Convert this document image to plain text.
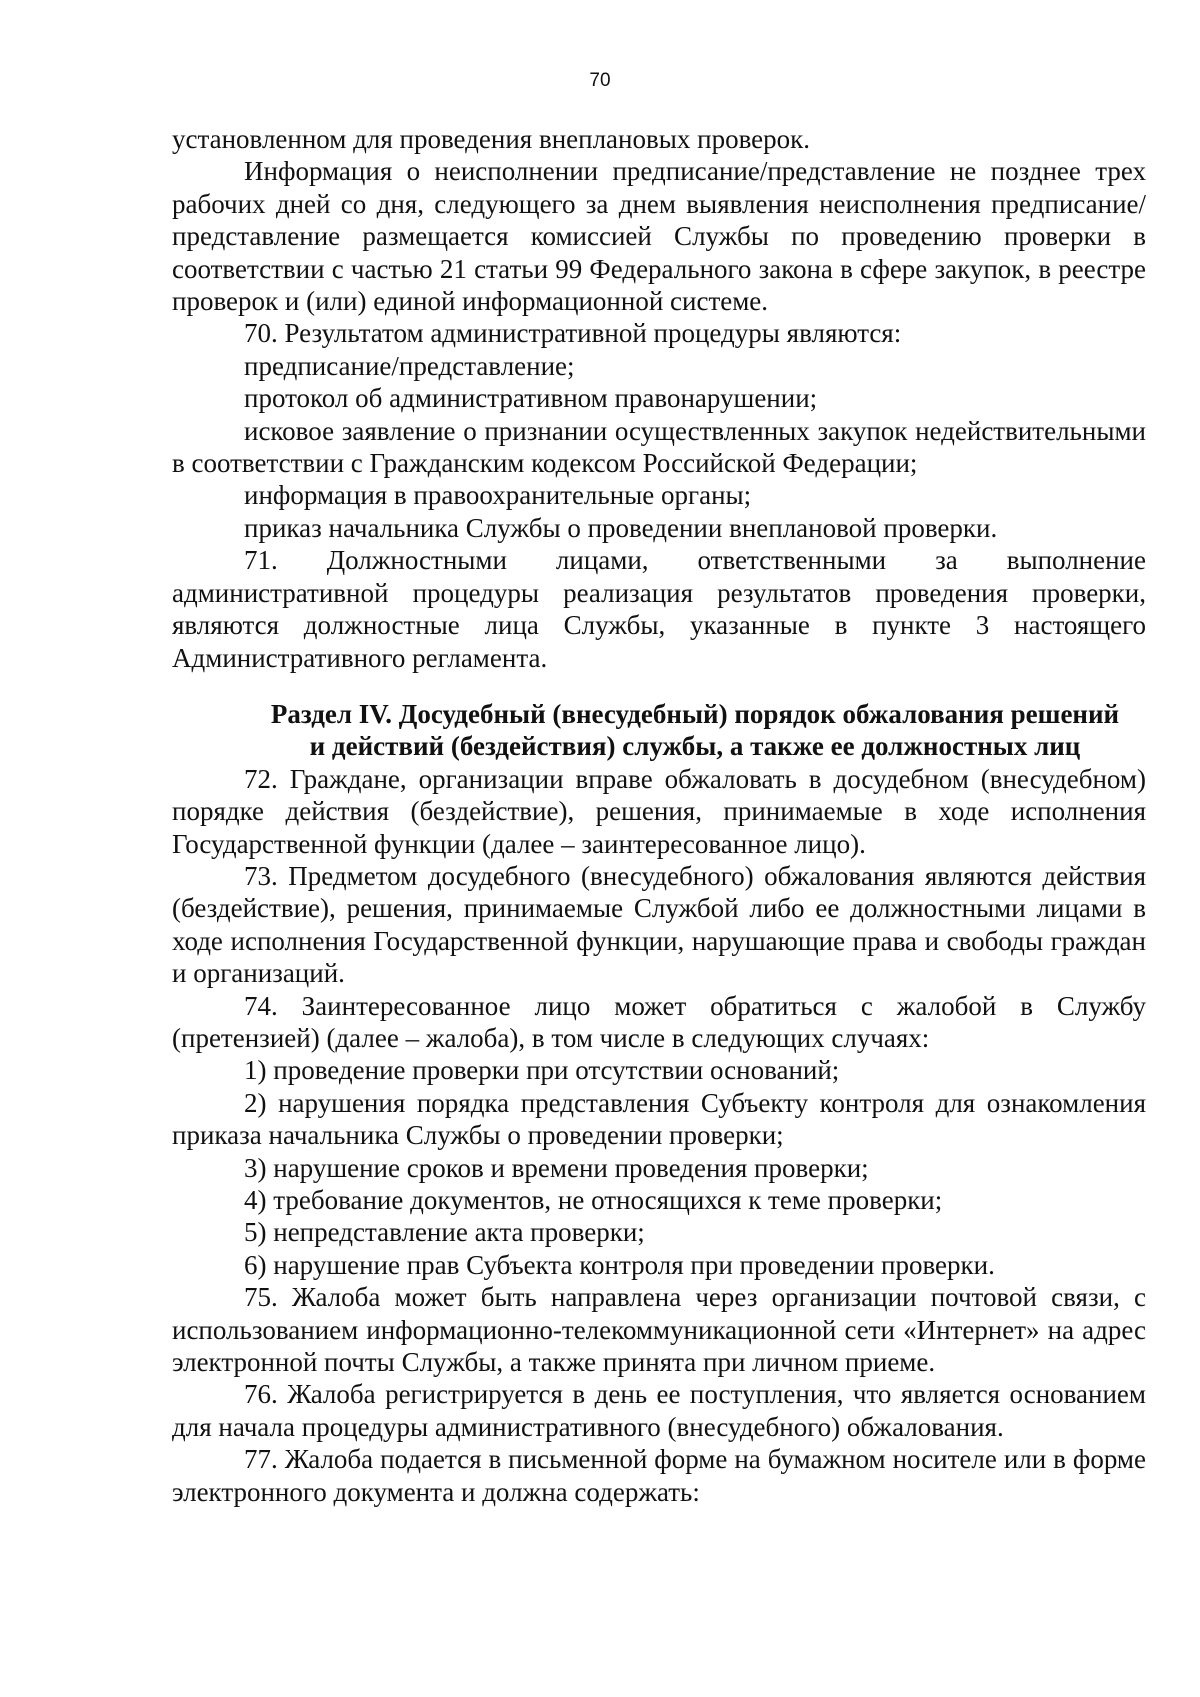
70

установленном для проведения внеплановых проверок.

Информация о неисполнении предписание/представление не позднее трех рабочих дней со дня, следующего за днем выявления неисполнения предписание/представление размещается комиссией Службы по проведению проверки в соответствии с частью 21 статьи 99 Федерального закона в сфере закупок, в реестре проверок и (или) единой информационной системе.

70. Результатом административной процедуры являются:

предписание/представление;

протокол об административном правонарушении;

исковое заявление о признании осуществленных закупок недействительными в соответствии с Гражданским кодексом Российской Федерации;

информация в правоохранительные органы;

приказ начальника Службы о проведении внеплановой проверки.

71. Должностными лицами, ответственными за выполнение административной процедуры реализация результатов проведения проверки, являются должностные лица Службы, указанные в пункте 3 настоящего Административного регламента.

Раздел IV. Досудебный (внесудебный) порядок обжалования решений
и действий (бездействия) службы, а также ее должностных лиц

72. Граждане, организации вправе обжаловать в досудебном (внесудебном) порядке действия (бездействие), решения, принимаемые в ходе исполнения Государственной функции (далее – заинтересованное лицо).

73. Предметом досудебного (внесудебного) обжалования являются действия (бездействие), решения, принимаемые Службой либо ее должностными лицами в ходе исполнения Государственной функции, нарушающие права и свободы граждан и организаций.

74. Заинтересованное лицо может обратиться с жалобой в Службу (претензией) (далее – жалоба), в том числе в следующих случаях:

1) проведение проверки при отсутствии оснований;

2) нарушения порядка представления Субъекту контроля для ознакомления приказа начальника Службы о проведении проверки;

3) нарушение сроков и времени проведения проверки;

4) требование документов, не относящихся к теме проверки;

5) непредставление акта проверки;

6) нарушение прав Субъекта контроля при проведении проверки.

75. Жалоба может быть направлена через организации почтовой связи, с использованием информационно-телекоммуникационной сети «Интернет» на адрес электронной почты Службы, а также принята при личном приеме.

76. Жалоба регистрируется в день ее поступления, что является основанием для начала процедуры административного (внесудебного) обжалования.

77. Жалоба подается в письменной форме на бумажном носителе или в форме электронного документа и должна содержать:
